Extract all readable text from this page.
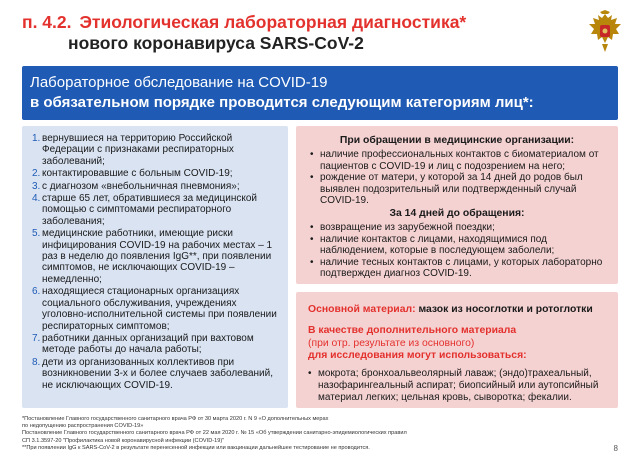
п. 4.2. Этиологическая лабораторная диагностика*
нового коронавируса SARS-CoV-2
Лабораторное обследование на COVID-19
в обязательном порядке проводится следующим категориям лиц*:
1. вернувшиеся на территорию Российской Федерации с признаками респираторных заболеваний;
2. контактировавшие с больным COVID-19;
3. с диагнозом «внебольничная пневмония»;
4. старше 65 лет, обратившиеся за медицинской помощью с симптомами респираторного заболевания;
5. медицинские работники, имеющие риски инфицирования COVID-19 на рабочих местах – 1 раз в неделю до появления IgG**, при появлении симптомов, не исключающих COVID-19 – немедленно;
6. находящиеся стационарных организациях социального обслуживания, учреждениях уголовно-исполнительной системы при появлении респираторных симптомов;
7. работники данных организаций при вахтовом методе работы до начала работы;
8. дети из организованных коллективов при возникновении 3-х и более случаев заболеваний, не исключающих COVID-19.
При обращении в медицинские организации:
• наличие профессиональных контактов с биоматериалом от пациентов с COVID-19 и лиц с подозрением на него;
• рождение от матери, у которой за 14 дней до родов был выявлен подозрительный или подтвержденный случай COVID-19.
За 14 дней до обращения:
• возвращение из зарубежной поездки;
• наличие контактов с лицами, находящимися под наблюдением, которые в последующем заболели;
• наличие тесных контактов с лицами, у которых лабораторно подтвержден диагноз COVID-19.
Основной материал: мазок из носоглотки и ротоглотки
В качестве дополнительного материала
(при отр. результате из основного)
для исследования могут использоваться:
• мокрота; бронхоальвеолярный лаваж; (эндо)трахеальный, назофарингеальный аспират; биопсийный или аутопсийный материал легких; цельная кровь, сыворотка; фекалии.
*Постановление Главного государственного санитарного врача РФ от 30 марта 2020 г. N 9 «О дополнительных мерах
по недопущению распространения COVID-19»
Постановление Главного государственного санитарного врача РФ от 22 мая 2020 г. № 15 «Об утверждении санитарно-эпидемиологических правил
СП 3.1.3597-20 "Профилактика новой коронавирусной инфекции (COVID-19)"
**При появлении IgG к SARS-CoV-2 в результате перенесенной инфекции или вакцинации дальнейшее тестирование не проводится.	8
